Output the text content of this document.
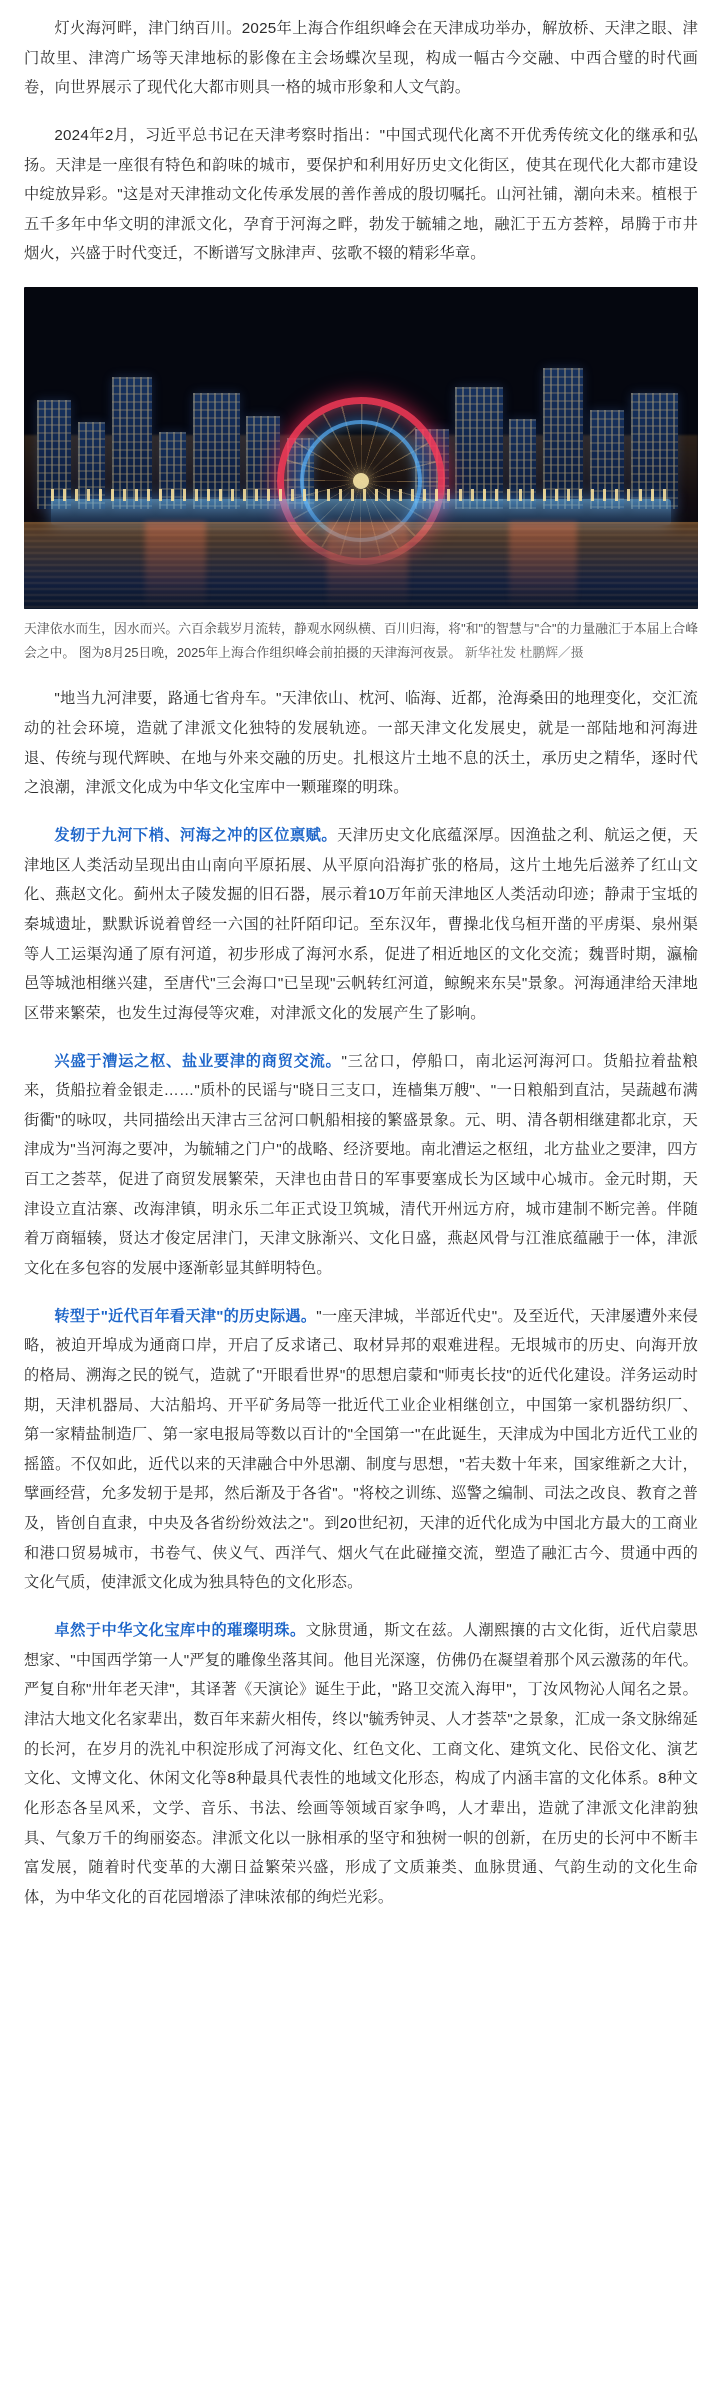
灯火海河畔，津门纳百川。2025年上海合作组织峰会在天津成功举办，解放桥、天津之眼、津门故里、津湾广场等天津地标的影像在主会场蝶次呈现，构成一幅古今交融、中西合璧的时代画卷，向世界展示了现代化大都市则具一格的城市形象和人文气韵。

2024年2月，习近平总书记在天津考察时指出："中国式现代化离不开优秀传统文化的继承和弘扬。天津是一座很有特色和韵味的城市，要保护和利用好历史文化街区，使其在现代化大都市建设中绽放异彩。"这是对天津推动文化传承发展的善作善成的殷切嘱托。山河社铺，潮向未来。植根于五千多年中华文明的津派文化，孕育于河海之畔，勃发于毓辅之地，融汇于五方荟粹，昂腾于市井烟火，兴盛于时代变迁，不断谱写文脉津声、弦歌不辍的精彩华章。

天津依水而生，因水而兴。六百余载岁月流转，静观水网纵横、百川归海，将"和"的智慧与"合"的力量融汇于本届上合峰会之中。 图为8月25日晚，2025年上海合作组织峰会前拍摄的天津海河夜景。 新华社发 杜鹏辉／摄

"地当九河津要，路通七省舟车。"天津依山、枕河、临海、近都，沧海桑田的地理变化，交汇流动的社会环境，造就了津派文化独特的发展轨迹。一部天津文化发展史，就是一部陆地和河海进退、传统与现代辉映、在地与外来交融的历史。扎根这片土地不息的沃土，承历史之精华，逐时代之浪潮，津派文化成为中华文化宝库中一颗璀璨的明珠。

发轫于九河下梢、河海之冲的区位禀赋。天津历史文化底蕴深厚。因渔盐之利、航运之便，天津地区人类活动呈现出由山南向平原拓展、从平原向沿海扩张的格局，这片土地先后滋养了红山文化、燕赵文化。蓟州太子陵发掘的旧石器，展示着10万年前天津地区人类活动印迹；静肃于宝坻的秦城遗址，默默诉说着曾经一六国的社阡陌印记。至东汉年，曹操北伐乌桓开凿的平虏渠、泉州渠等人工运渠沟通了原有河道，初步形成了海河水系，促进了相近地区的文化交流；魏晋时期，瀛榆邑等城池相继兴建，至唐代"三会海口"已呈现"云帆转红河道，鲸鲵来东吴"景象。河海通津给天津地区带来繁荣，也发生过海侵等灾难，对津派文化的发展产生了影响。

兴盛于漕运之枢、盐业要津的商贸交流。"三岔口，停船口，南北运河海河口。货船拉着盐粮来，货船拉着金银走……"质朴的民谣与"晓日三支口，连樯集万艘"、"一日粮船到直沽，吴蔬越布满街衢"的咏叹，共同描绘出天津古三岔河口帆船相接的繁盛景象。元、明、清各朝相继建都北京，天津成为"当河海之要冲，为毓辅之门户"的战略、经济要地。南北漕运之枢纽，北方盐业之要津，四方百工之荟萃，促进了商贸发展繁荣，天津也由昔日的军事要塞成长为区域中心城市。金元时期，天津设立直沽寨、改海津镇，明永乐二年正式设卫筑城，清代开州远方府，城市建制不断完善。伴随着万商辐辏，贤达才俊定居津门，天津文脉渐兴、文化日盛，燕赵风骨与江淮底蕴融于一体，津派文化在多包容的发展中逐渐彰显其鲜明特色。

转型于"近代百年看天津"的历史际遇。"一座天津城，半部近代史"。及至近代，天津屡遭外来侵略，被迫开埠成为通商口岸，开启了反求诸己、取材异邦的艰难进程。无垠城市的历史、向海开放的格局、溯海之民的锐气，造就了"开眼看世界"的思想启蒙和"师夷长技"的近代化建设。洋务运动时期，天津机器局、大沽船坞、开平矿务局等一批近代工业企业相继创立，中国第一家机器纺织厂、第一家精盐制造厂、第一家电报局等数以百计的"全国第一"在此诞生，天津成为中国北方近代工业的摇篮。不仅如此，近代以来的天津融合中外思潮、制度与思想，"若夫数十年来，国家维新之大计，擘画经营，允多发轫于是邦，然后渐及于各省"。"将校之训练、巡警之编制、司法之改良、教育之普及，皆创自直隶，中央及各省纷纷效法之"。到20世纪初，天津的近代化成为中国北方最大的工商业和港口贸易城市，书卷气、侠义气、西洋气、烟火气在此碰撞交流，塑造了融汇古今、贯通中西的文化气质，使津派文化成为独具特色的文化形态。

卓然于中华文化宝库中的璀璨明珠。文脉贯通，斯文在兹。人潮熙攘的古文化街，近代启蒙思想家、"中国西学第一人"严复的雕像坐落其间。他目光深邃，仿佛仍在凝望着那个风云激荡的年代。严复自称"卅年老天津"，其译著《天演论》诞生于此，"路卫交流入海甲"，丁汝风物沁人闻名之景。津沽大地文化名家辈出，数百年来薪火相传，终以"毓秀钟灵、人才荟萃"之景象，汇成一条文脉绵延的长河，在岁月的洗礼中积淀形成了河海文化、红色文化、工商文化、建筑文化、民俗文化、演艺文化、文博文化、休闲文化等8种最具代表性的地域文化形态，构成了内涵丰富的文化体系。8种文化形态各呈风釆，文学、音乐、书法、绘画等领域百家争鸣，人才辈出，造就了津派文化津韵独具、气象万千的绚丽姿态。津派文化以一脉相承的坚守和独树一帜的创新，在历史的长河中不断丰富发展，随着时代变革的大潮日益繁荣兴盛，形成了文质兼类、血脉贯通、气韵生动的文化生命体，为中华文化的百花园增添了津味浓郁的绚烂光彩。
